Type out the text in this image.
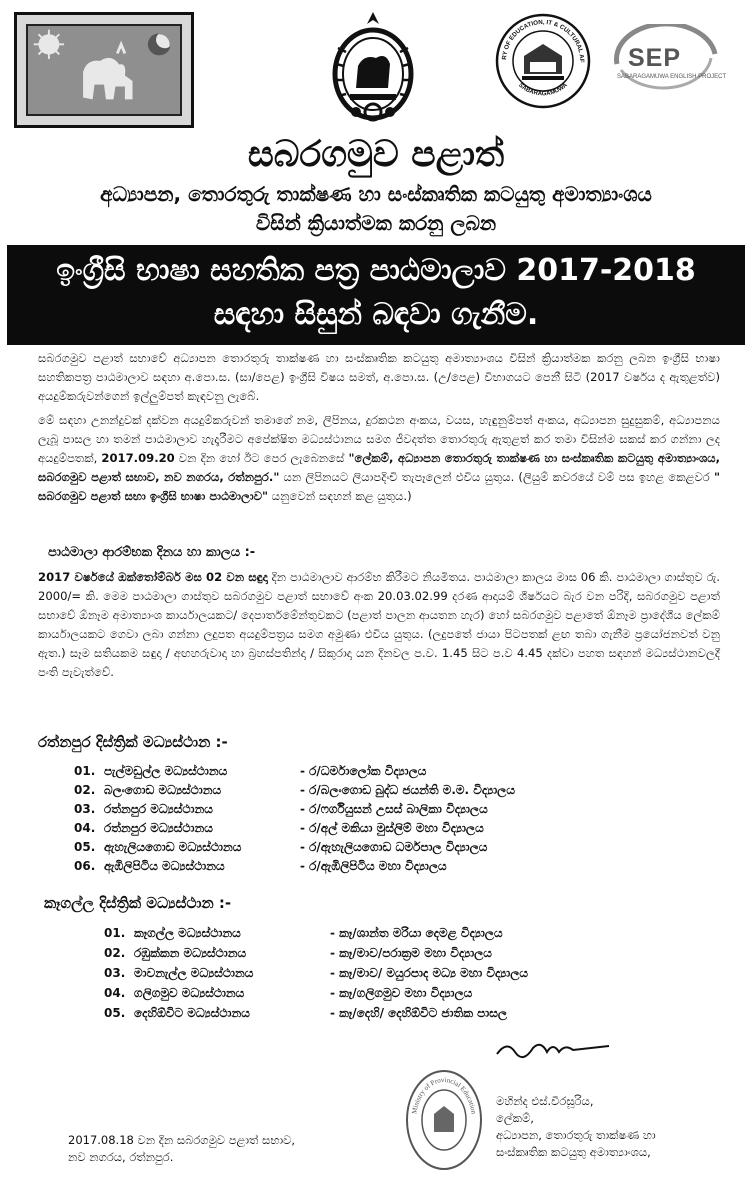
RY OF EDUCATION, IT & CULTURAL AF
SABARAGAMUWA
SEP
SABARAGAMUWA ENGLISH PROJECT
සබරගමුව පළාත්
අධ්‍යාපන, තොරතුරු තාක්ෂණ හා සංස්කෘතික කටයුතු අමාත්‍යාංශය
විසින් ක්‍රියාත්මක කරනු ලබන
ඉංග්‍රීසි භාෂා සහතික පත්‍ර පාඨමාලාව 2017-2018
සඳහා සිසුන් බඳවා ගැනීම.
සබරගමුව පළාත් සභාවේ අධ්‍යාපන තොරතුරු තාක්ෂණ හා සංස්කෘතික කටයුතු අමාත්‍යාංශය විසින් ක්‍රියාත්මක කරනු ලබන ඉංග්‍රීසි භාෂා සහතිකපත්‍ර පාඨමාලාව සඳහා අ.පො.ස. (සා/පෙළ) ඉංග්‍රීසි විෂය සමත්, අ.පො.ස. (උ/පෙළ) විභාගයට පෙනී සිටි (2017 වර්ෂය ද ඇතුළත්ව) අයදුම්කරුවන්ගෙන් ඉල්ලුම්පත් කැඳවනු ලැබේ.
මේ සඳහා උනන්දුවක් දක්වන අයදුම්කරුවන් තමාගේ නම, ලිපිනය, දුරකථන අංකය, වයස, හැඳුනුම්පත් අංකය, අධ්‍යාපන සුදුසුකම්, අධ්‍යාපනය ලැබූ පාසල හා තමන් පාඨමාලාව හැදෑරීමට අපේක්ෂිත මධ්‍යස්ථානය සමග ජීවදත්ත තොරතුරු ඇතුළත් කර තමා විසින්ම සකස් කර ගන්නා ලද අයදුම්පතක්, 2017.09.20 වන දින හෝ ඊට පෙර ලැබෙනසේ "ලේකම්, අධ්‍යාපන තොරතුරු තාක්ෂණ හා සංස්කෘතික කටයුතු අමාත්‍යාංශය, සබරගමුව පළාත් සභාව, නව නගරය, රත්නපුර." යන ලිපිනයට ලියාපදිංචි තැපෑලෙන් එවිය යුතුය. (ලියුම් කවරයේ වම් පස ඉහළ කෙළවර " සබරගමුව පළාත් සභා ඉංග්‍රීසි භාෂා පාඨමාලාව" යනුවෙන් සඳහන් කළ යුතුය.)
පාඨමාලා ආරම්භක දිනය හා කාලය :-
2017 වර්ෂයේ ඔක්තෝම්බර් මස 02 වන සඳුදා දින පාඨමාලාව ආරම්භ කිරීමට නියමිතය. පාඨමාලා කාලය මාස 06 කි. පාඨමාලා ගාස්තුව රු. 2000/= කි. මෙම පාඨමාලා ගාස්තුව සබරගමුව පළාත් සභාවේ අංක 20.03.02.99 දරණ ආදායම් ශීර්ෂයට බැර වන පරිදි, සබරගමුව පළාත් සභාවේ ඕනෑම අමාත්‍යාංශ කාර්යාලයකට/ දෙපාර්තමේන්තුවකට (පළාත් පාලන ආයතන හැර) හෝ සබරගමුව පළාතේ ඕනෑම ප්‍රාදේශීය ලේකම් කාර්යාලයකට ගෙවා ලබා ගන්නා ලදුපත අයදුම්පත්‍රය සමග අමුණා එවිය යුතුය. (ලදුපතේ ජායා පිටපතක් ළඟ තබා ගැනීම ප්‍රයෝජනවත් වනු ඇත.) සෑම සතියකම සඳුදා / අඟහරුවාදා හා බ්‍රහස්පතින්දා / සිකුරාදා යන දිනවල ප.ව. 1.45 සිට ප.ව 4.45 දක්වා පහත සඳහන් මධ්‍යස්ථානවලදී පංති පැවැත්වේ.
රත්නපුර දිස්ත්‍රික් මධ්‍යස්ථාන :-
01. පැල්මඩුල්ල මධ්‍යස්ථානය	- ර/ධර්මාලෝක විද්‍යාලය
02. බලංගොඩ මධ්‍යස්ථානය	- ර/බලංගොඩ බුද්ධ ජයන්ති ම.ම. විද්‍යාලය
03. රත්නපුර මධ්‍යස්ථානය	- ර/ෆර්ගියුසන් උසස් බාලිකා විද්‍යාලය
04. රත්නපුර මධ්‍යස්ථානය	- ර/අල් මකියා මුස්ලිම් මහා විද්‍යාලය
05. ඇහැලියගොඩ මධ්‍යස්ථානය	- ර/ඇහැලියගොඩ ධර්මපාල විද්‍යාලය
06. ඇඹිලිපිටිය මධ්‍යස්ථානය	- ර/ඇඹිලිපිටිය මහා විද්‍යාලය
කෑගල්ල දිස්ත්‍රික් මධ්‍යස්ථාන :-
01. කෑගල්ල මධ්‍යස්ථානය	- කෑ/ශාන්ත මරියා දෙමළ විද්‍යාලය
02. රඹුක්කන මධ්‍යස්ථානය	- කෑ/මාව/පරාක්‍රම මහා විද්‍යාලය
03. මාවනැල්ල මධ්‍යස්ථානය	- කෑ/මාව/ මයුරපාද මධ්‍ය මහා විද්‍යාලය
04. ගලිගමුව මධ්‍යස්ථානය	- කෑ/ගලිගමුව මහා විද්‍යාලය
05. දෙහිඕවිට මධ්‍යස්ථානය	- කෑ/දෙහි/ දෙහිඕවිට ජාතික පාසල
Ministry of Provincial Education
මහින්ද එස්.වීරසූරිය,
ලේකම්,
අධ්‍යාපන, තොරතුරු තාක්ෂණ හා
සංස්කෘතික කටයුතු අමාත්‍යාංශය,
2017.08.18 වන දින සබරගමුව පළාත් සභාව,
නව නගරය, රත්නපුර.
